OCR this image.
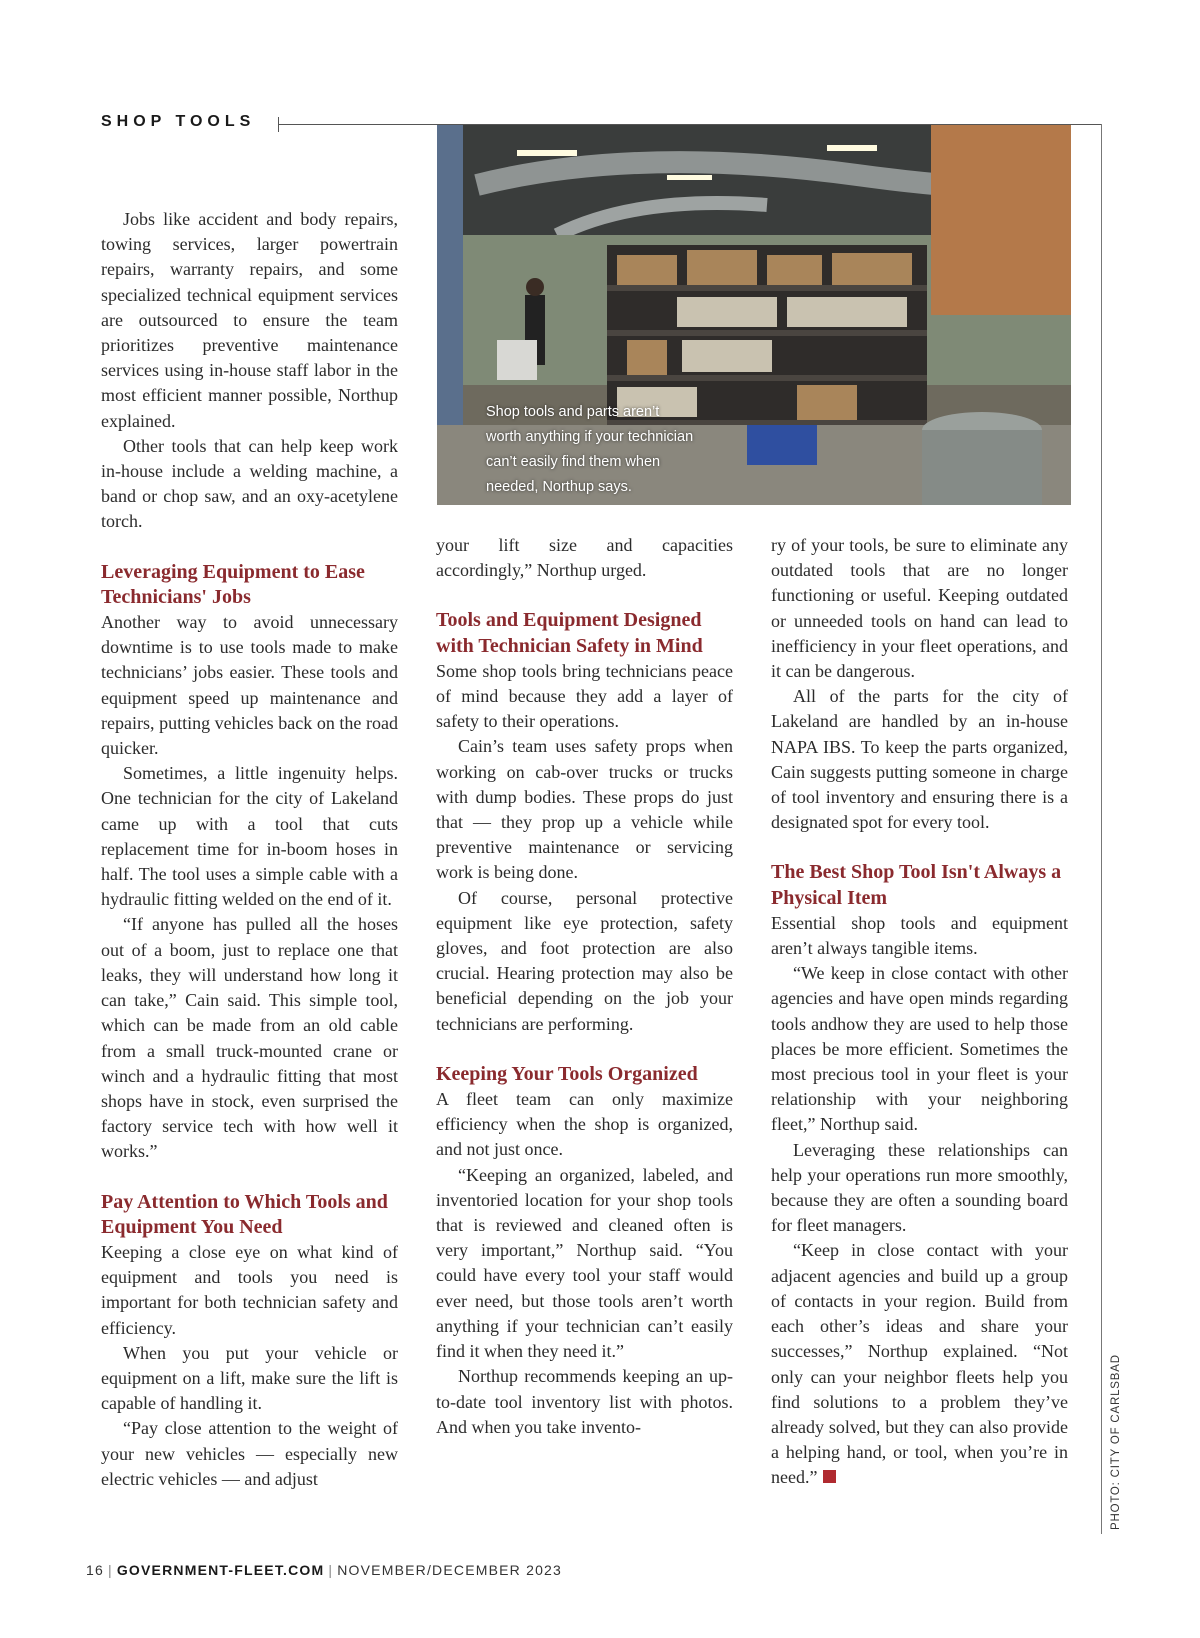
SHOP TOOLS
Shop tools and parts aren’t
worth anything if your technician
can’t easily find them when
needed, Northup says.

Jobs like accident and body repairs, towing services, larger powertrain repairs, warranty repairs, and some specialized technical equipment services are outsourced to ensure the team prioritizes preventive maintenance services using in-house staff labor in the most efficient manner possible, Northup explained.

Other tools that can help keep work in-house include a welding machine, a band or chop saw, and an oxy-acetylene torch.

Leveraging Equipment to Ease Technicians' Jobs

Another way to avoid unnecessary downtime is to use tools made to make technicians’ jobs easier. These tools and equipment speed up maintenance and repairs, putting vehicles back on the road quicker.

Sometimes, a little ingenuity helps. One technician for the city of Lakeland came up with a tool that cuts replacement time for in-boom hoses in half. The tool uses a simple cable with a hydraulic fitting welded on the end of it.

“If anyone has pulled all the hoses out of a boom, just to replace one that leaks, they will understand how long it can take,” Cain said. This simple tool, which can be made from an old cable from a small truck-mounted crane or winch and a hydraulic fitting that most shops have in stock, even surprised the factory service tech with how well it works.”

Pay Attention to Which Tools and Equipment You Need

Keeping a close eye on what kind of equipment and tools you need is important for both technician safety and efficiency.

When you put your vehicle or equipment on a lift, make sure the lift is capable of handling it.

“Pay close attention to the weight of your new vehicles — especially new electric vehicles — and adjust

your lift size and capacities accordingly,” Northup urged.

Tools and Equipment Designed with Technician Safety in Mind

Some shop tools bring technicians peace of mind because they add a layer of safety to their operations.

Cain’s team uses safety props when working on cab-over trucks or trucks with dump bodies. These props do just that — they prop up a vehicle while preventive maintenance or servicing work is being done.

Of course, personal protective equipment like eye protection, safety gloves, and foot protection are also crucial. Hearing protection may also be beneficial depending on the job your technicians are performing.

Keeping Your Tools Organized

A fleet team can only maximize efficiency when the shop is organized, and not just once.

“Keeping an organized, labeled, and inventoried location for your shop tools that is reviewed and cleaned often is very important,” Northup said. “You could have every tool your staff would ever need, but those tools aren’t worth anything if your technician can’t easily find it when they need it.”

Northup recommends keeping an up-to-date tool inventory list with photos. And when you take invento-

ry of your tools, be sure to eliminate any outdated tools that are no longer functioning or useful. Keeping outdated or unneeded tools on hand can lead to inefficiency in your fleet operations, and it can be dangerous.

All of the parts for the city of Lakeland are handled by an in-house NAPA IBS. To keep the parts organized, Cain suggests putting someone in charge of tool inventory and ensuring there is a designated spot for every tool.

The Best Shop Tool Isn't Always a Physical Item

Essential shop tools and equipment aren’t always tangible items.

“We keep in close contact with other agencies and have open minds regarding tools andhow they are used to help those places be more efficient. Sometimes the most precious tool in your fleet is your relationship with your neighboring fleet,” Northup said.

Leveraging these relationships can help your operations run more smoothly, because they are often a sounding board for fleet managers.

“Keep in close contact with your adjacent agencies and build up a group of contacts in your region. Build from each other’s ideas and share your successes,” Northup explained. “Not only can your neighbor fleets help you find solutions to a problem they’ve already solved, but they can also provide a helping hand, or tool, when you’re in need.”	PHOTO: CITY OF CARLSBAD
16 | GOVERNMENT-FLEET.COM | NOVEMBER/DECEMBER 2023
